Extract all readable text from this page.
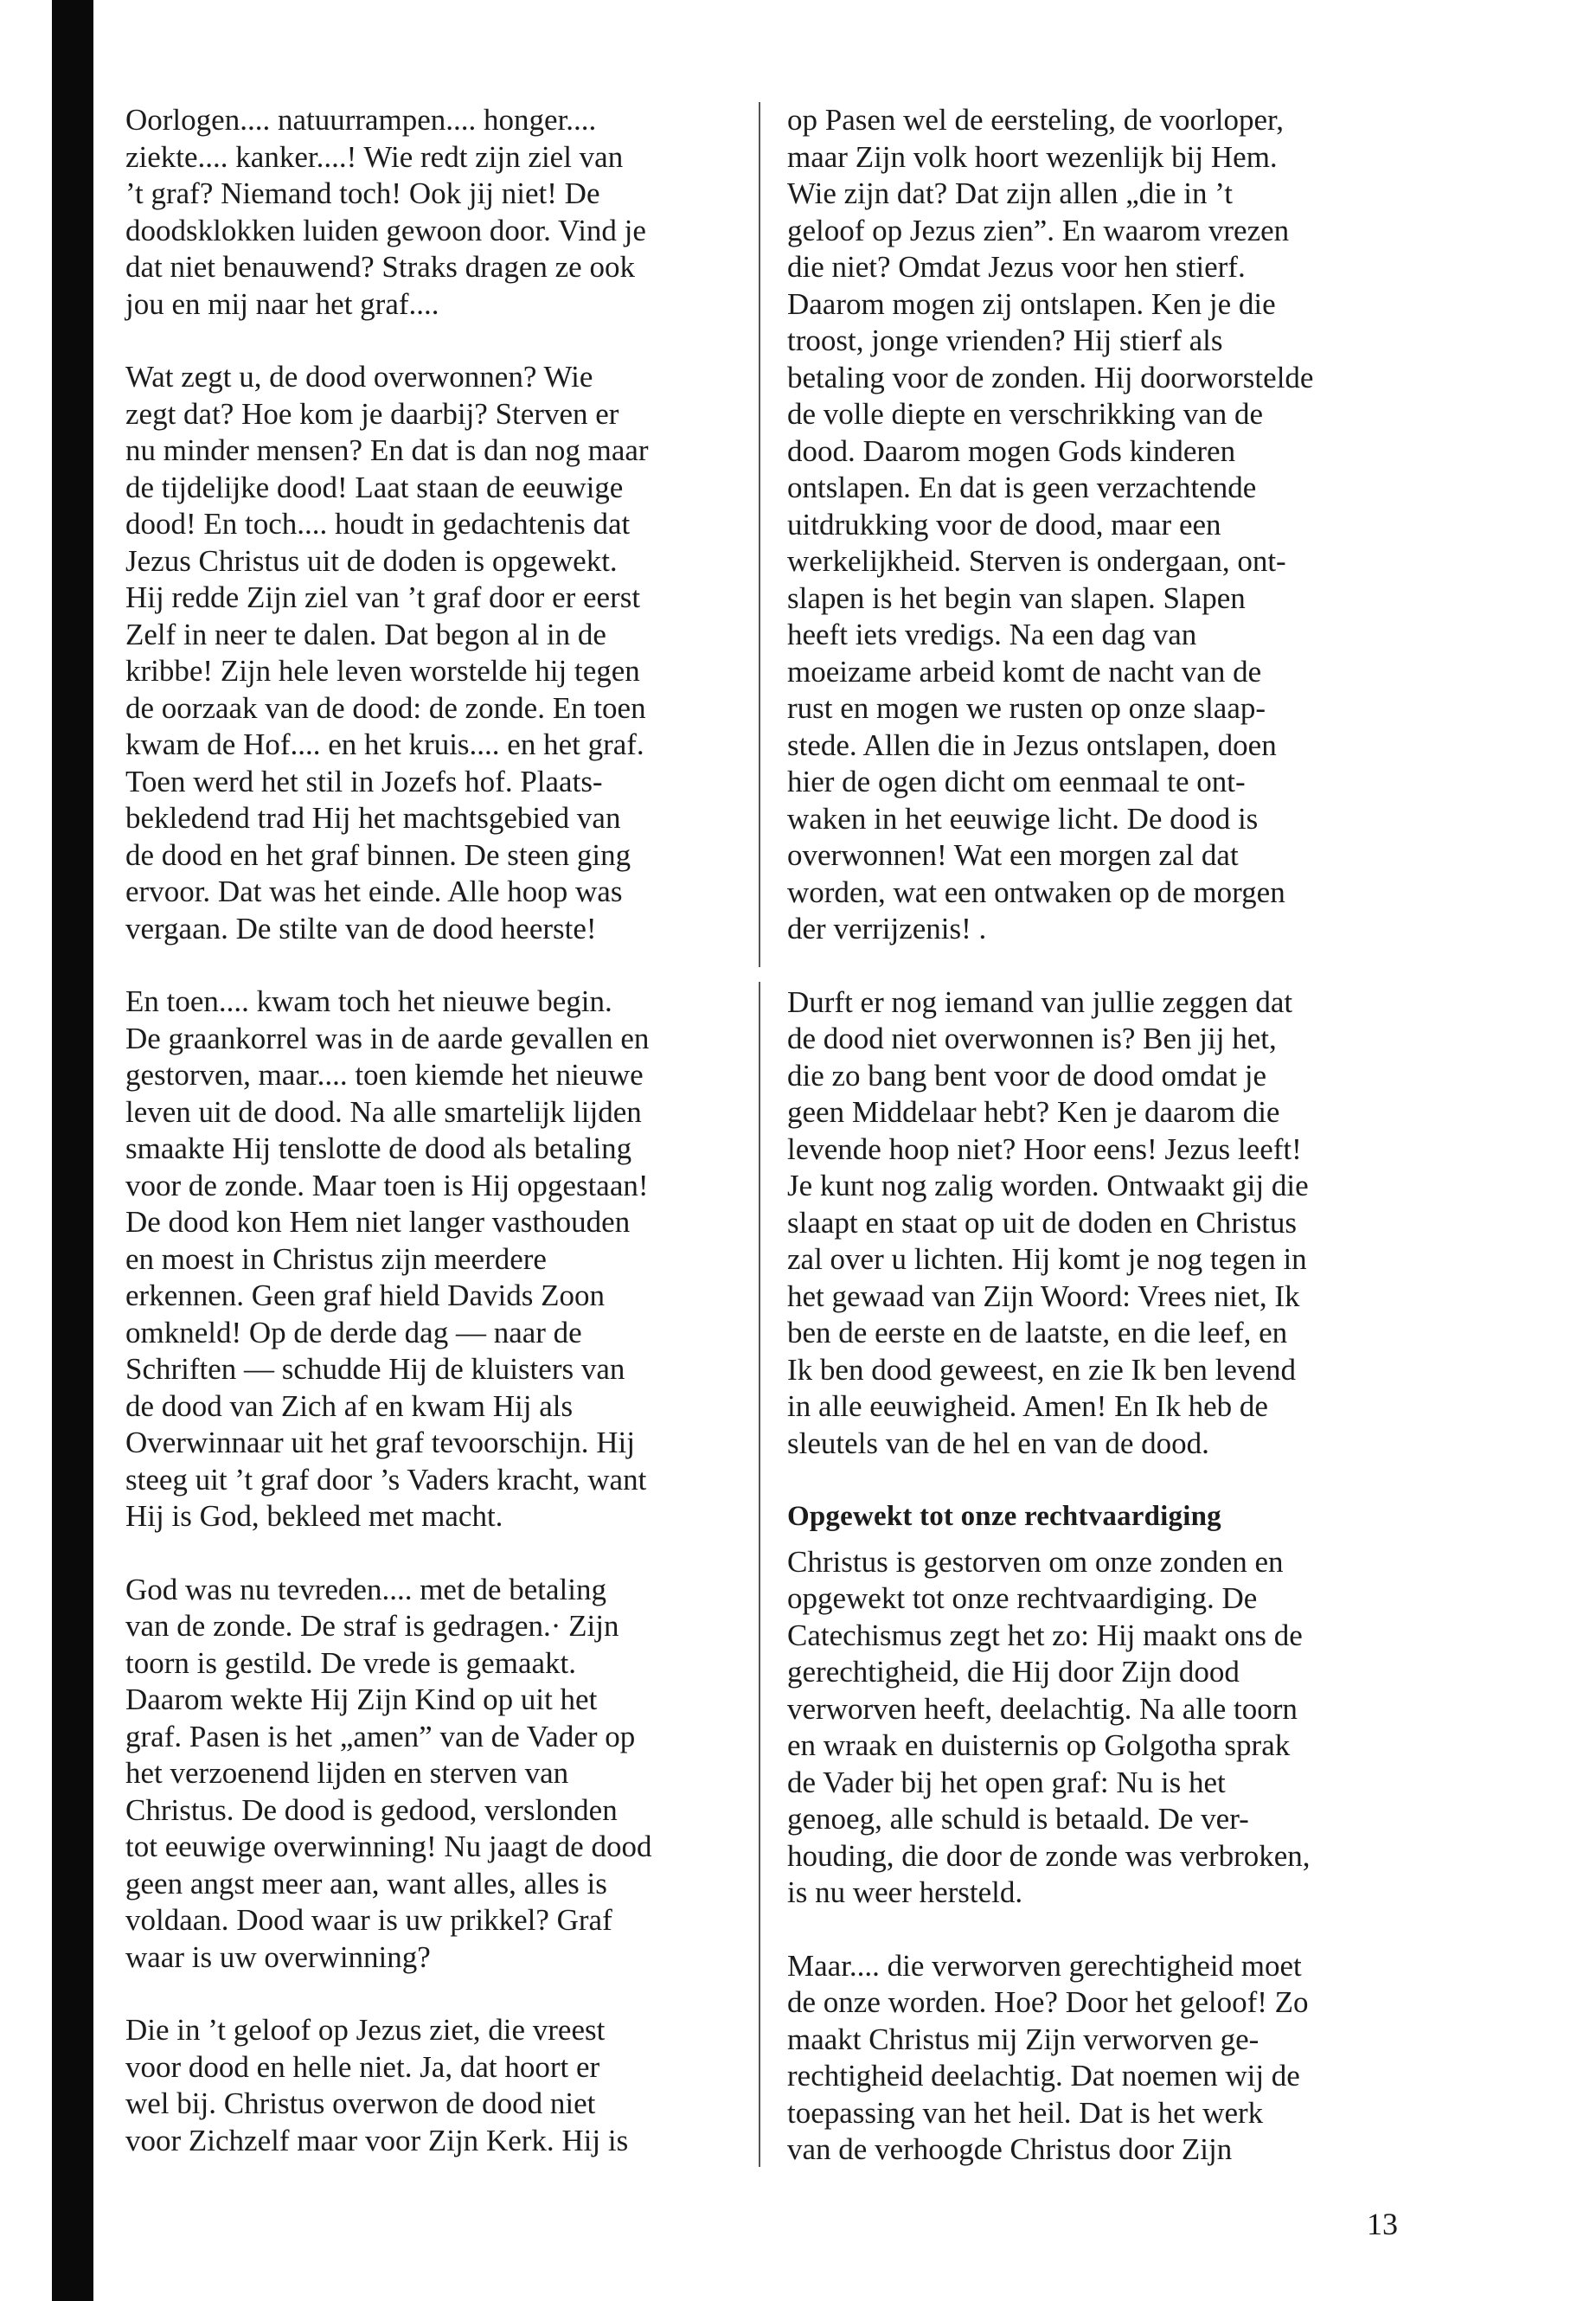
Oorlogen.... natuurrampen.... honger....
ziekte.... kanker....! Wie redt zijn ziel van
’t graf? Niemand toch! Ook jij niet! De
doodsklokken luiden gewoon door. Vind je
dat niet benauwend? Straks dragen ze ook
jou en mij naar het graf....
Wat zegt u, de dood overwonnen? Wie
zegt dat? Hoe kom je daarbij? Sterven er
nu minder mensen? En dat is dan nog maar
de tijdelijke dood! Laat staan de eeuwige
dood! En toch.... houdt in gedachtenis dat
Jezus Christus uit de doden is opgewekt.
Hij redde Zijn ziel van ’t graf door er eerst
Zelf in neer te dalen. Dat begon al in de
kribbe! Zijn hele leven worstelde hij tegen
de oorzaak van de dood: de zonde. En toen
kwam de Hof.... en het kruis.... en het graf.
Toen werd het stil in Jozefs hof. Plaats-
bekledend trad Hij het machtsgebied van
de dood en het graf binnen. De steen ging
ervoor. Dat was het einde. Alle hoop was
vergaan. De stilte van de dood heerste!
En toen.... kwam toch het nieuwe begin.
De graankorrel was in de aarde gevallen en
gestorven, maar.... toen kiemde het nieuwe
leven uit de dood. Na alle smartelijk lijden
smaakte Hij tenslotte de dood als betaling
voor de zonde. Maar toen is Hij opgestaan!
De dood kon Hem niet langer vasthouden
en moest in Christus zijn meerdere
erkennen. Geen graf hield Davids Zoon
omkneld! Op de derde dag — naar de
Schriften — schudde Hij de kluisters van
de dood van Zich af en kwam Hij als
Overwinnaar uit het graf tevoorschijn. Hij
steeg uit ’t graf door ’s Vaders kracht, want
Hij is God, bekleed met macht.
God was nu tevreden.... met de betaling
van de zonde. De straf is gedragen.· Zijn
toorn is gestild. De vrede is gemaakt.
Daarom wekte Hij Zijn Kind op uit het
graf. Pasen is het „amen” van de Vader op
het verzoenend lijden en sterven van
Christus. De dood is gedood, verslonden
tot eeuwige overwinning! Nu jaagt de dood
geen angst meer aan, want alles, alles is
voldaan. Dood waar is uw prikkel? Graf
waar is uw overwinning?
Die in ’t geloof op Jezus ziet, die vreest
voor dood en helle niet. Ja, dat hoort er
wel bij. Christus overwon de dood niet
voor Zichzelf maar voor Zijn Kerk. Hij is
op Pasen wel de eersteling, de voorloper,
maar Zijn volk hoort wezenlijk bij Hem.
Wie zijn dat? Dat zijn allen „die in ’t
geloof op Jezus zien”. En waarom vrezen
die niet? Omdat Jezus voor hen stierf.
Daarom mogen zij ontslapen. Ken je die
troost, jonge vrienden? Hij stierf als
betaling voor de zonden. Hij doorworstelde
de volle diepte en verschrikking van de
dood. Daarom mogen Gods kinderen
ontslapen. En dat is geen verzachtende
uitdrukking voor de dood, maar een
werkelijkheid. Sterven is ondergaan, ont-
slapen is het begin van slapen. Slapen
heeft iets vredigs. Na een dag van
moeizame arbeid komt de nacht van de
rust en mogen we rusten op onze slaap-
stede. Allen die in Jezus ontslapen, doen
hier de ogen dicht om eenmaal te ont-
waken in het eeuwige licht. De dood is
overwonnen! Wat een morgen zal dat
worden, wat een ontwaken op de morgen
der verrijzenis! .
Durft er nog iemand van jullie zeggen dat
de dood niet overwonnen is? Ben jij het,
die zo bang bent voor de dood omdat je
geen Middelaar hebt? Ken je daarom die
levende hoop niet? Hoor eens! Jezus leeft!
Je kunt nog zalig worden. Ontwaakt gij die
slaapt en staat op uit de doden en Christus
zal over u lichten. Hij komt je nog tegen in
het gewaad van Zijn Woord: Vrees niet, Ik
ben de eerste en de laatste, en die leef, en
Ik ben dood geweest, en zie Ik ben levend
in alle eeuwigheid. Amen! En Ik heb de
sleutels van de hel en van de dood.
Opgewekt tot onze rechtvaardiging
Christus is gestorven om onze zonden en
opgewekt tot onze rechtvaardiging. De
Catechismus zegt het zo: Hij maakt ons de
gerechtigheid, die Hij door Zijn dood
verworven heeft, deelachtig. Na alle toorn
en wraak en duisternis op Golgotha sprak
de Vader bij het open graf: Nu is het
genoeg, alle schuld is betaald. De ver-
houding, die door de zonde was verbroken,
is nu weer hersteld.
Maar.... die verworven gerechtigheid moet
de onze worden. Hoe? Door het geloof! Zo
maakt Christus mij Zijn verworven ge-
rechtigheid deelachtig. Dat noemen wij de
toepassing van het heil. Dat is het werk
van de verhoogde Christus door Zijn
13
